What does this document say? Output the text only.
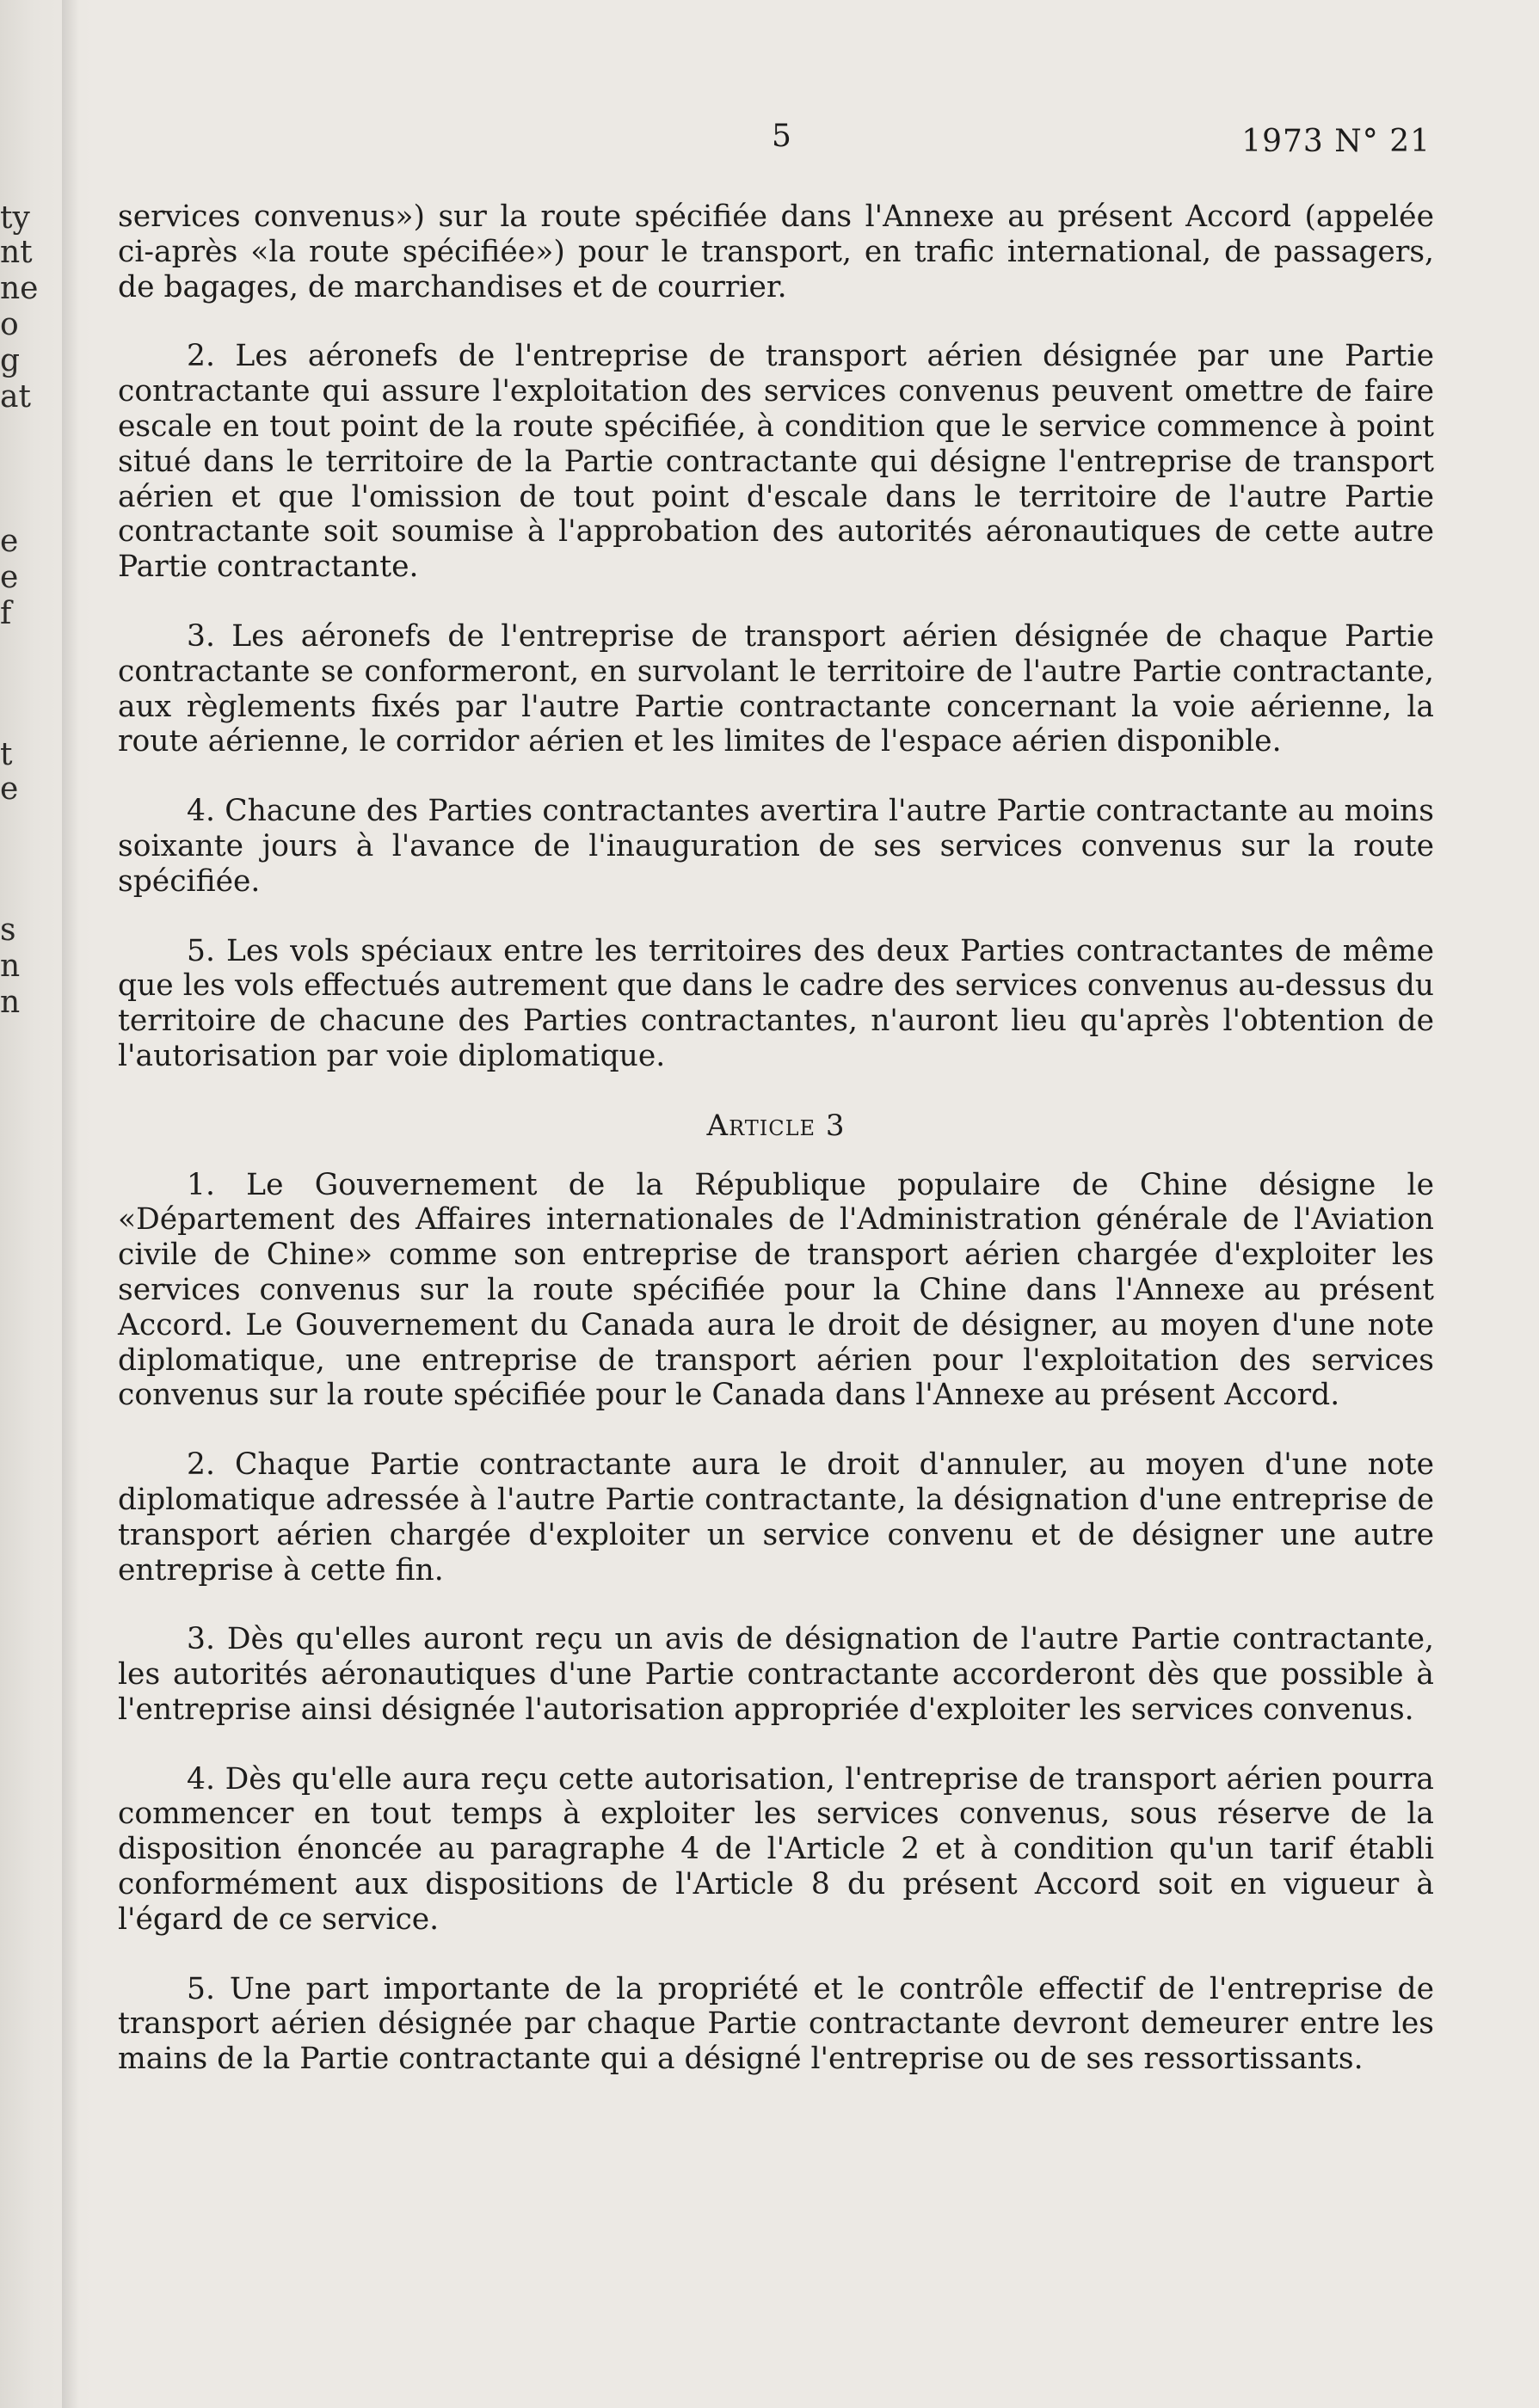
ty
nt
ne
o
g
at
e
e
f
t
e
s
n
n
5	1973 N° 21

services convenus») sur la route spécifiée dans l'Annexe au présent Accord (appelée ci-après «la route spécifiée») pour le transport, en trafic international, de passagers, de bagages, de marchandises et de courrier.

2. Les aéronefs de l'entreprise de transport aérien désignée par une Partie contractante qui assure l'exploitation des services convenus peuvent omettre de faire escale en tout point de la route spécifiée, à condition que le service commence à point situé dans le territoire de la Partie contractante qui désigne l'entreprise de transport aérien et que l'omission de tout point d'escale dans le territoire de l'autre Partie contractante soit soumise à l'approbation des autorités aéronautiques de cette autre Partie contractante.

3. Les aéronefs de l'entreprise de transport aérien désignée de chaque Partie contractante se conformeront, en survolant le territoire de l'autre Partie contractante, aux règlements fixés par l'autre Partie contractante concernant la voie aérienne, la route aérienne, le corridor aérien et les limites de l'espace aérien disponible.

4. Chacune des Parties contractantes avertira l'autre Partie contractante au moins soixante jours à l'avance de l'inauguration de ses services convenus sur la route spécifiée.

5. Les vols spéciaux entre les territoires des deux Parties contractantes de même que les vols effectués autrement que dans le cadre des services convenus au-dessus du territoire de chacune des Parties contractantes, n'auront lieu qu'après l'obtention de l'autorisation par voie diplomatique.

Article 3

1. Le Gouvernement de la République populaire de Chine désigne le «Département des Affaires internationales de l'Administration générale de l'Aviation civile de Chine» comme son entreprise de transport aérien chargée d'exploiter les services convenus sur la route spécifiée pour la Chine dans l'Annexe au présent Accord. Le Gouvernement du Canada aura le droit de désigner, au moyen d'une note diplomatique, une entreprise de transport aérien pour l'exploitation des services convenus sur la route spécifiée pour le Canada dans l'Annexe au présent Accord.

2. Chaque Partie contractante aura le droit d'annuler, au moyen d'une note diplomatique adressée à l'autre Partie contractante, la désignation d'une entreprise de transport aérien chargée d'exploiter un service convenu et de désigner une autre entreprise à cette fin.

3. Dès qu'elles auront reçu un avis de désignation de l'autre Partie contractante, les autorités aéronautiques d'une Partie contractante accorderont dès que possible à l'entreprise ainsi désignée l'autorisation appropriée d'exploiter les services convenus.

4. Dès qu'elle aura reçu cette autorisation, l'entreprise de transport aérien pourra commencer en tout temps à exploiter les services convenus, sous réserve de la disposition énoncée au paragraphe 4 de l'Article 2 et à condition qu'un tarif établi conformément aux dispositions de l'Article 8 du présent Accord soit en vigueur à l'égard de ce service.

5. Une part importante de la propriété et le contrôle effectif de l'entreprise de transport aérien désignée par chaque Partie contractante devront demeurer entre les mains de la Partie contractante qui a désigné l'entreprise ou de ses ressortissants.
